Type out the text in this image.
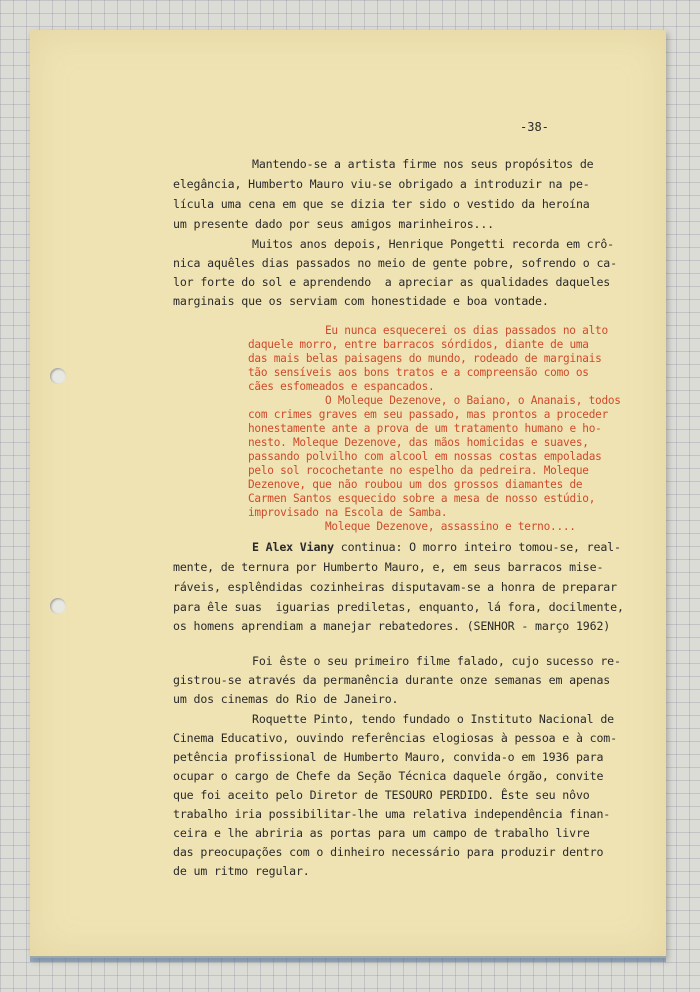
-38-
Mantendo-se a artista firme nos seus propósitos de
elegância, Humberto Mauro viu-se obrigado a introduzir na pe-
lícula uma cena em que se dizia ter sido o vestido da heroína
um presente dado por seus amigos marinheiros...
Muitos anos depois, Henrique Pongetti recorda em crô-
nica aquêles dias passados no meio de gente pobre, sofrendo o ca-
lor forte do sol e aprendendo  a apreciar as qualidades daqueles
marginais que os serviam com honestidade e boa vontade.
Eu nunca esquecerei os dias passados no alto
daquele morro, entre barracos sórdidos, diante de uma
das mais belas paisagens do mundo, rodeado de marginais
tão sensíveis aos bons tratos e a compreensão como os
cães esfomeados e espancados.
O Moleque Dezenove, o Baiano, o Ananais, todos
com crimes graves em seu passado, mas prontos a proceder
honestamente ante a prova de um tratamento humano e ho-
nesto. Moleque Dezenove, das mãos homicidas e suaves,
passando polvilho com alcool em nossas costas empoladas
pelo sol rocochetante no espelho da pedreira. Moleque
Dezenove, que não roubou um dos grossos diamantes de
Carmen Santos esquecido sobre a mesa de nosso estúdio,
improvisado na Escola de Samba.
Moleque Dezenove, assassino e terno....
E Alex Viany continua: O morro inteiro tomou-se, real-
mente, de ternura por Humberto Mauro, e, em seus barracos mise-
ráveis, esplêndidas cozinheiras disputavam-se a honra de preparar
para êle suas  iguarias prediletas, enquanto, lá fora, docilmente,
os homens aprendiam a manejar rebatedores. (SENHOR - março 1962)
Foi êste o seu primeiro filme falado, cujo sucesso re-
gistrou-se através da permanência durante onze semanas em apenas
um dos cinemas do Rio de Janeiro.
Roquette Pinto, tendo fundado o Instituto Nacional de
Cinema Educativo, ouvindo referências elogiosas à pessoa e à com-
petência profissional de Humberto Mauro, convida-o em 1936 para
ocupar o cargo de Chefe da Seção Técnica daquele órgão, convite
que foi aceito pelo Diretor de TESOURO PERDIDO. Êste seu nôvo
trabalho iria possibilitar-lhe uma relativa independência finan-
ceira e lhe abriria as portas para um campo de trabalho livre
das preocupações com o dinheiro necessário para produzir dentro
de um ritmo regular.
